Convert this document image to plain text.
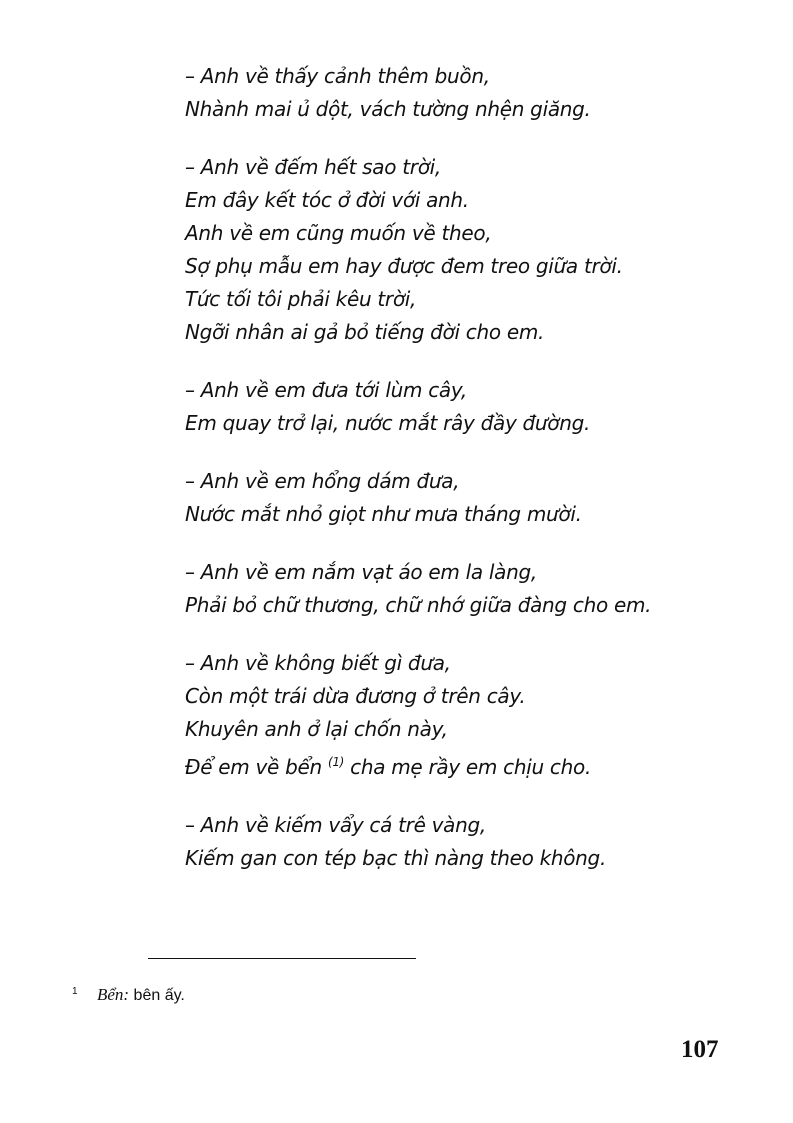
– Anh về thấy cảnh thêm buồn,
Nhành mai ủ dột, vách tường nhện giăng.
– Anh về đếm hết sao trời,
Em đây kết tóc ở đời với anh.
Anh về em cũng muốn về theo,
Sợ phụ mẫu em hay được đem treo giữa trời.
Tức tối tôi phải kêu trời,
Ngỡi nhân ai gả bỏ tiếng đời cho em.
– Anh về em đưa tới lùm cây,
Em quay trở lại, nước mắt rây đầy đường.
– Anh về em hổng dám đưa,
Nước mắt nhỏ giọt như mưa tháng mười.
– Anh về em nắm vạt áo em la làng,
Phải bỏ chữ thương, chữ nhớ giữa đàng cho em.
– Anh về không biết gì đưa,
Còn một trái dừa đương ở trên cây.
Khuyên anh ở lại chốn này,
Để em về bển $^{(1)}$ cha mẹ rầy em chịu cho.
– Anh về kiếm vẩy cá trê vàng,
Kiếm gan con tép bạc thì nàng theo không.
1 Bển: bên ấy.
107
